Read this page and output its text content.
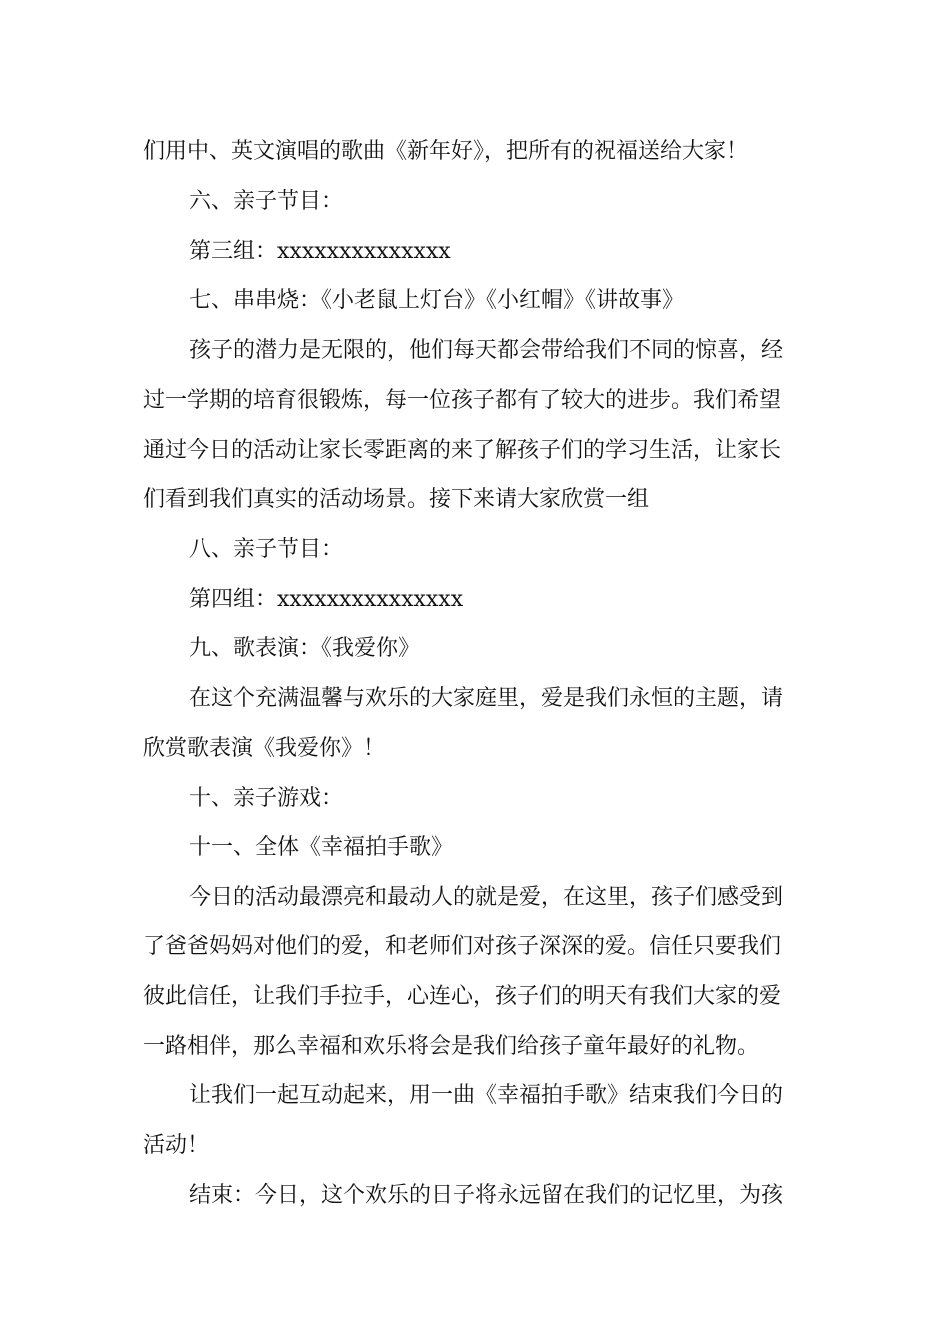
们用中、英文演唱的歌曲《新年好》，把所有的祝福送给大家！
六、亲子节目：
第三组：xxxxxxxxxxxxxx
七、串串烧：《小老鼠上灯台》《小红帽》《讲故事》
孩子的潜力是无限的，他们每天都会带给我们不同的惊喜，经
过一学期的培育很锻炼，每一位孩子都有了较大的进步。我们希望
通过今日的活动让家长零距离的来了解孩子们的学习生活，让家长
们看到我们真实的活动场景。接下来请大家欣赏一组
八、亲子节目：
第四组：xxxxxxxxxxxxxxx
九、歌表演：《我爱你》
在这个充满温馨与欢乐的大家庭里，爱是我们永恒的主题，请
欣赏歌表演《我爱你》！
十、亲子游戏：
十一、全体《幸福拍手歌》
今日的活动最漂亮和最动人的就是爱，在这里，孩子们感受到
了爸爸妈妈对他们的爱，和老师们对孩子深深的爱。信任只要我们
彼此信任，让我们手拉手，心连心，孩子们的明天有我们大家的爱
一路相伴，那么幸福和欢乐将会是我们给孩子童年最好的礼物。
让我们一起互动起来，用一曲《幸福拍手歌》结束我们今日的
活动！
结束：今日，这个欢乐的日子将永远留在我们的记忆里，为孩
